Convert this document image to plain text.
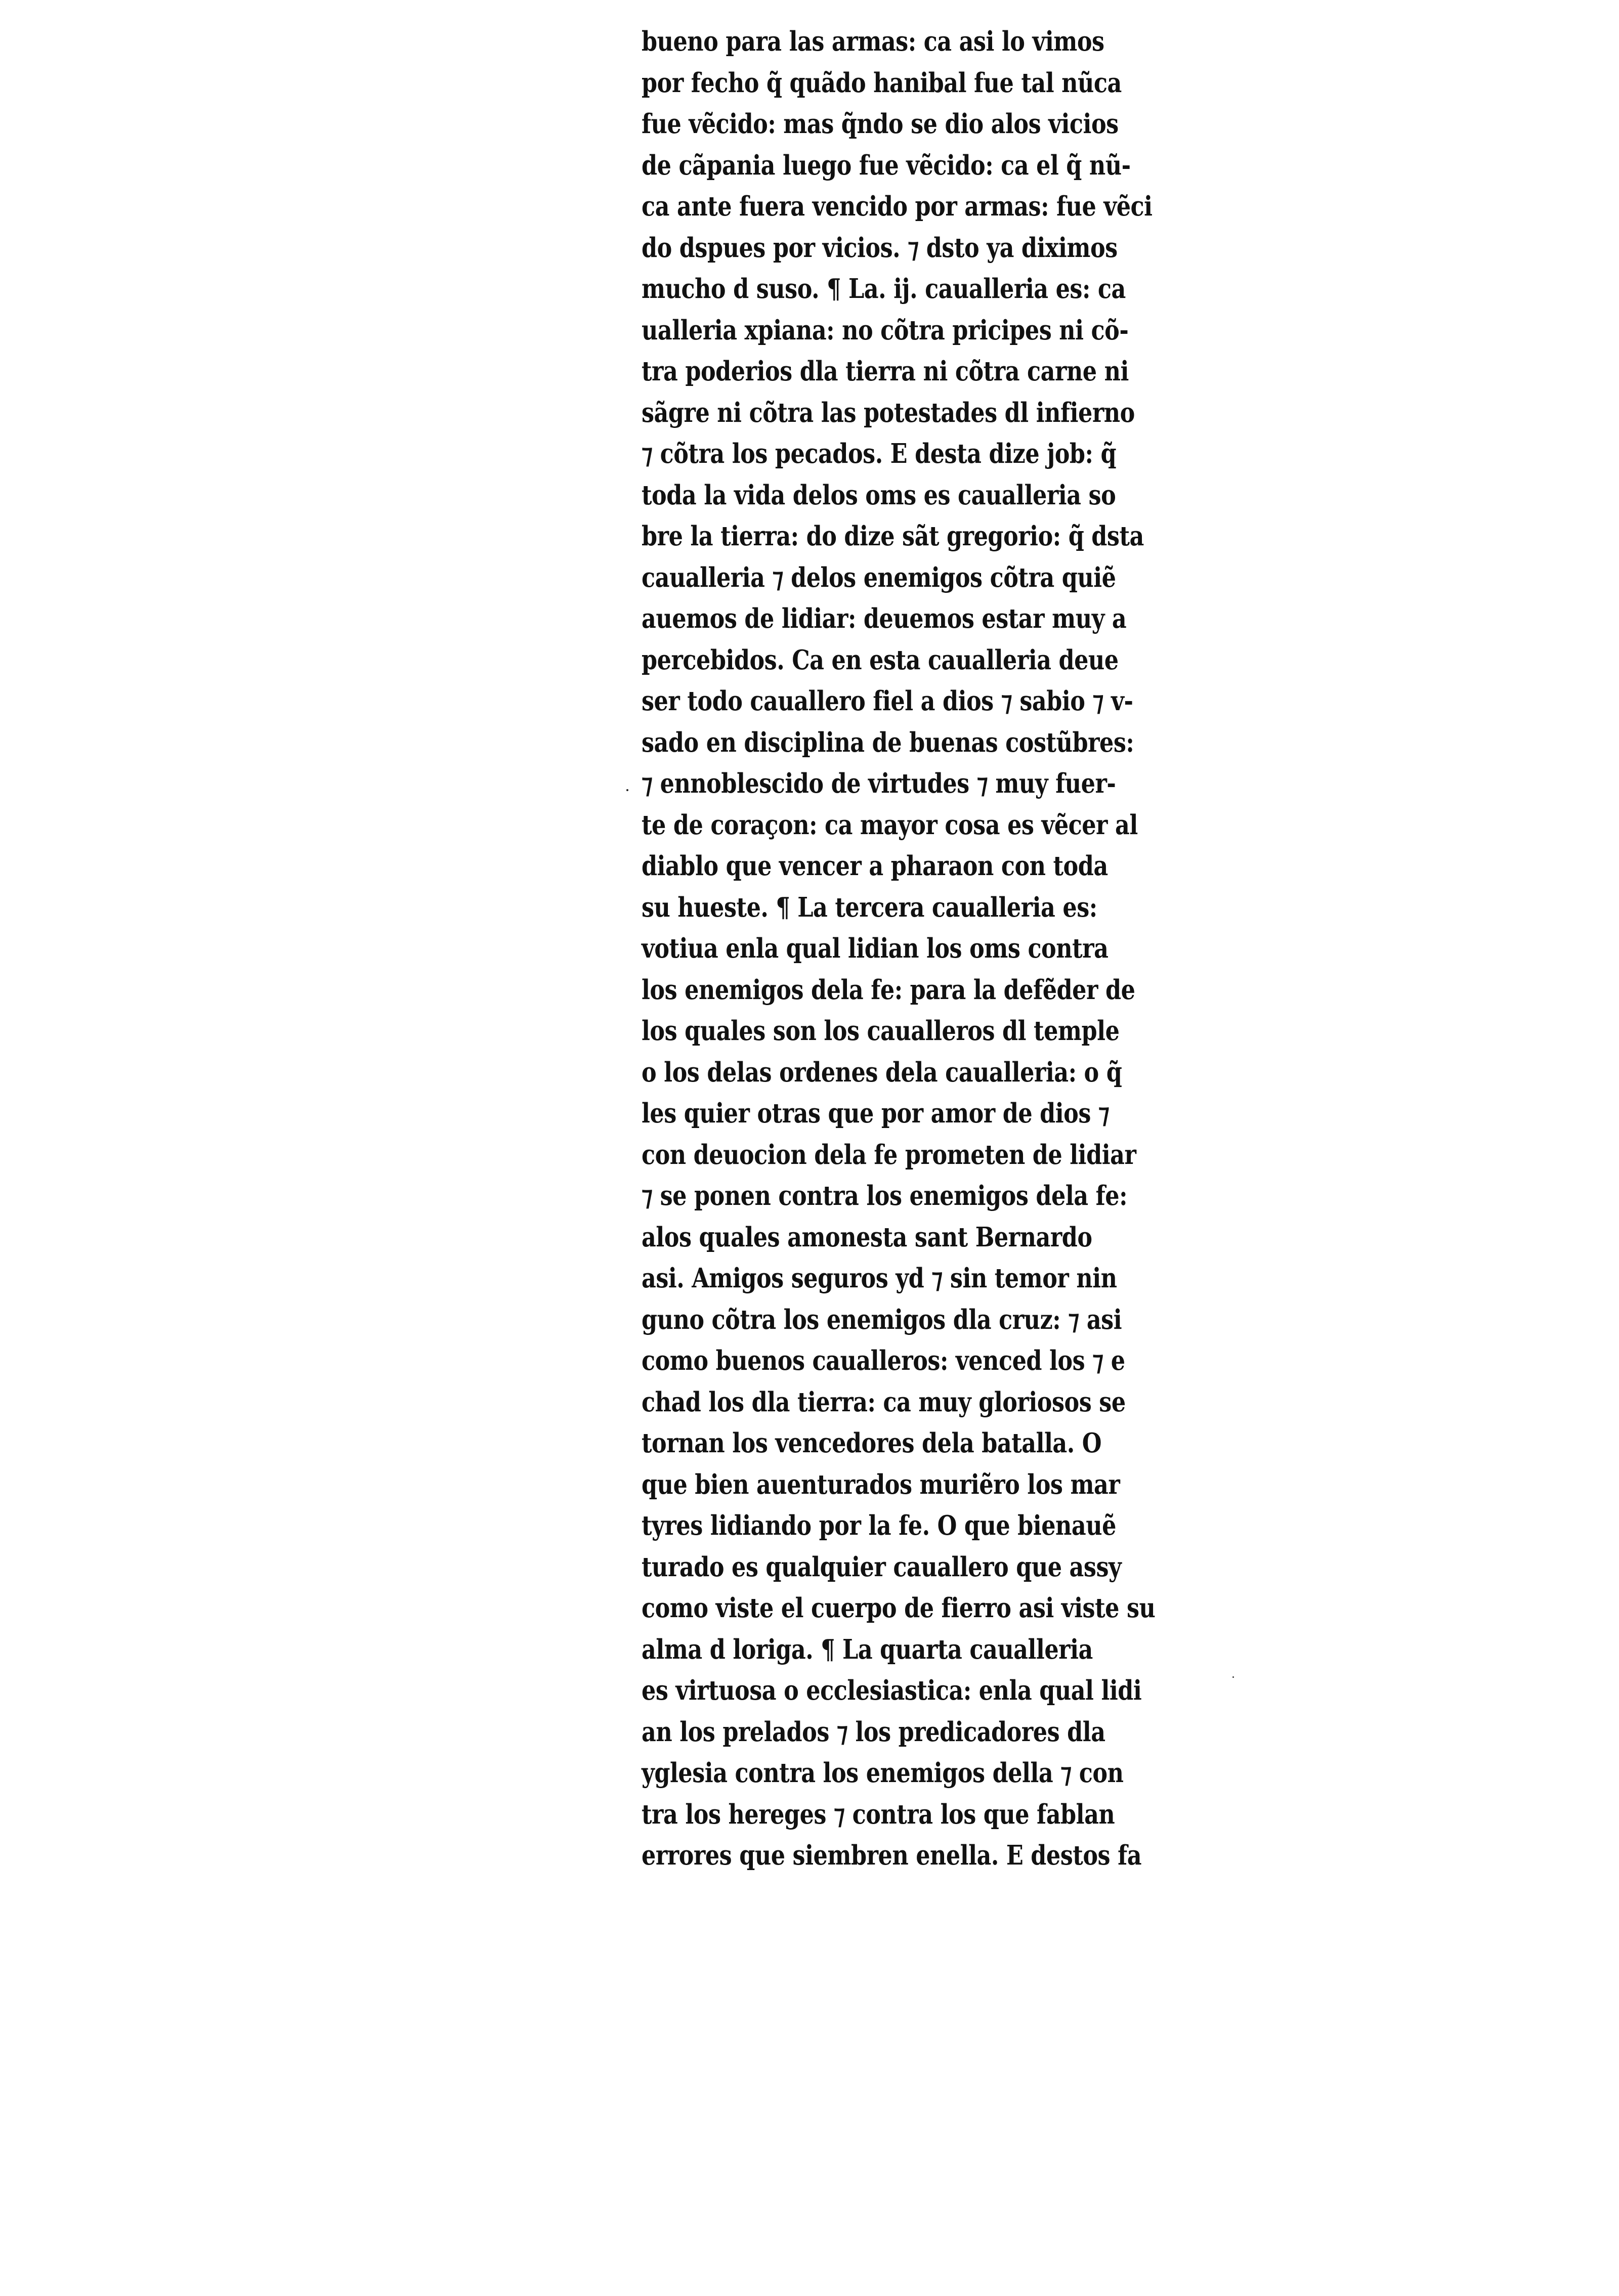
bueno para las armas: ca asi lo vimos
por fecho q̃ quãdo hanibal fue tal nũca
fue vẽcido: mas q̃ndo se dio alos vicios
de cãpania luego fue vẽcido: ca el q̃ nũ-
ca ante fuera vencido por armas: fue vẽci
do dspues por vicios. ⁊ dsto ya diximos
mucho d suso. ¶ La. ij. caualleria es: ca
ualleria xpiana: no cõtra pricipes ni cõ-
tra poderios dla tierra ni cõtra carne ni
sãgre ni cõtra las potestades dl infierno
⁊ cõtra los pecados. E desta dize job: q̃
toda la vida delos oms es caualleria so
bre la tierra: do dize sãt gregorio: q̃ dsta
caualleria ⁊ delos enemigos cõtra quiẽ
auemos de lidiar: deuemos estar muy a
percebidos. Ca en esta caualleria deue
ser todo cauallero fiel a dios ⁊ sabio ⁊ v-
sado en disciplina de buenas costũbres:
⁊ ennoblescido de virtudes ⁊ muy fuer-
te de coraçon: ca mayor cosa es vẽcer al
diablo que vencer a pharaon con toda
su hueste. ¶ La tercera caualleria es:
votiua enla qual lidian los oms contra
los enemigos dela fe: para la defẽder de
los quales son los caualleros dl temple
o los delas ordenes dela caualleria: o q̃
les quier otras que por amor de dios ⁊
con deuocion dela fe prometen de lidiar
⁊ se ponen contra los enemigos dela fe:
alos quales amonesta sant Bernardo
asi. Amigos seguros yd ⁊ sin temor nin
guno cõtra los enemigos dla cruz: ⁊ asi
como buenos caualleros: venced los ⁊ e
chad los dla tierra: ca muy gloriosos se
tornan los vencedores dela batalla. O
que bien auenturados muriẽro los mar
tyres lidiando por la fe. O que bienauẽ
turado es qualquier cauallero que assy
como viste el cuerpo de fierro asi viste su
alma d loriga. ¶ La quarta caualleria
es virtuosa o ecclesiastica: enla qual lidi
an los prelados ⁊ los predicadores dla
yglesia contra los enemigos della ⁊ con
tra los hereges ⁊ contra los que fablan
errores que siembren enella. E destos fa
